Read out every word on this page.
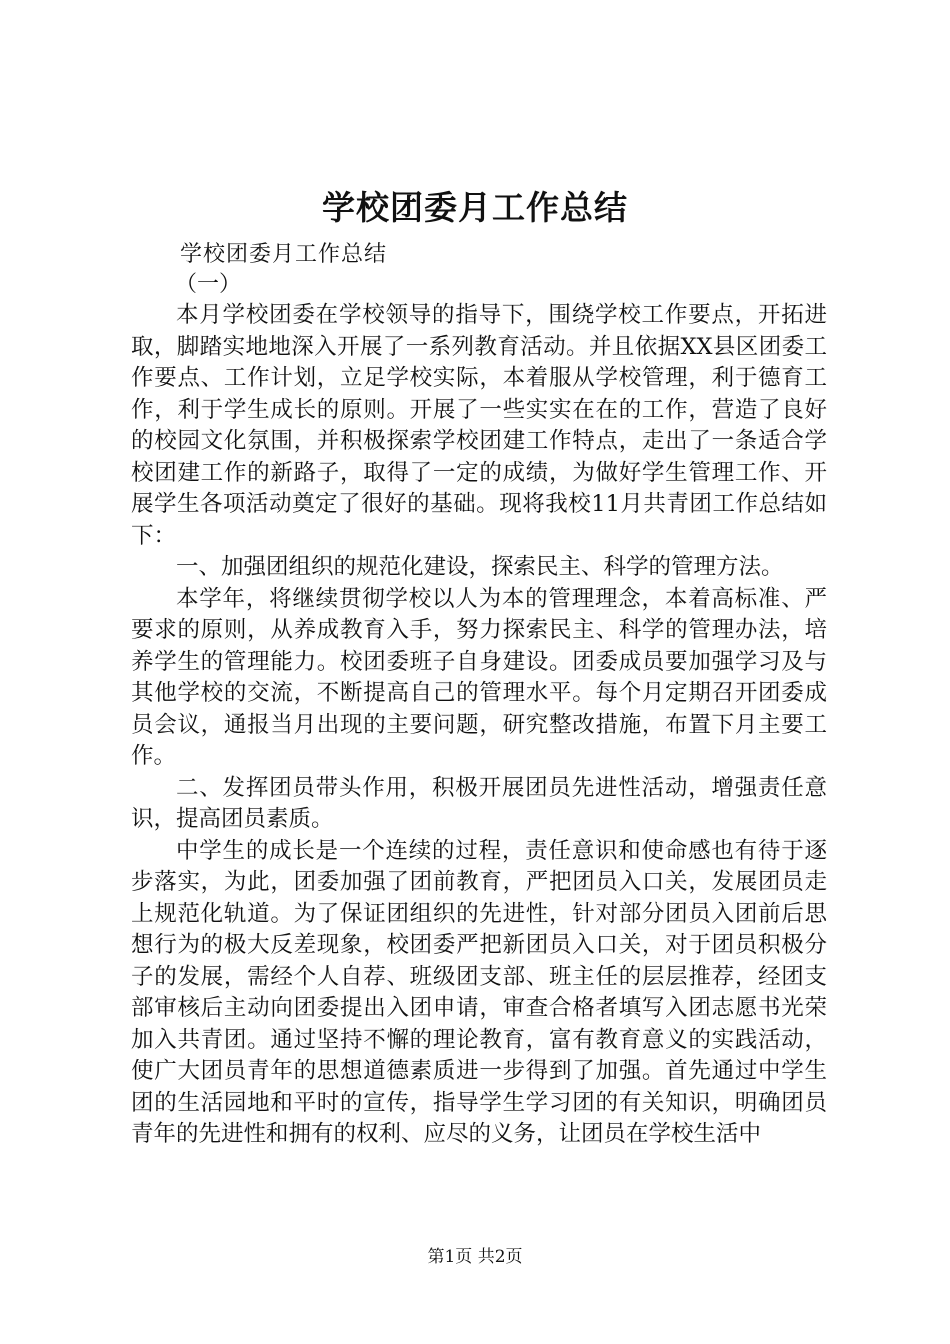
学校团委月工作总结
学校团委月工作总结
（一）

本月学校团委在学校领导的指导下，围绕学校工作要点，开拓进取，脚踏实地地深入开展了一系列教育活动。并且依据XX县区团委工作要点、工作计划，立足学校实际，本着服从学校管理，利于德育工作，利于学生成长的原则。开展了一些实实在在的工作，营造了良好的校园文化氛围，并积极探索学校团建工作特点，走出了一条适合学校团建工作的新路子，取得了一定的成绩，为做好学生管理工作、开展学生各项活动奠定了很好的基础。现将我校11月共青团工作总结如下：

一、加强团组织的规范化建设，探索民主、科学的管理方法。

本学年，将继续贯彻学校以人为本的管理理念，本着高标准、严要求的原则，从养成教育入手，努力探索民主、科学的管理办法，培养学生的管理能力。校团委班子自身建设。团委成员要加强学习及与其他学校的交流，不断提高自己的管理水平。每个月定期召开团委成员会议，通报当月出现的主要问题，研究整改措施，布置下月主要工作。

二、发挥团员带头作用，积极开展团员先进性活动，增强责任意识，提高团员素质。

中学生的成长是一个连续的过程，责任意识和使命感也有待于逐步落实，为此，团委加强了团前教育，严把团员入口关，发展团员走上规范化轨道。为了保证团组织的先进性，针对部分团员入团前后思想行为的极大反差现象，校团委严把新团员入口关，对于团员积极分子的发展，需经个人自荐、班级团支部、班主任的层层推荐，经团支部审核后主动向团委提出入团申请，审查合格者填写入团志愿书光荣加入共青团。通过坚持不懈的理论教育，富有教育意义的实践活动，使广大团员青年的思想道德素质进一步得到了加强。首先通过中学生团的生活园地和平时的宣传，指导学生学习团的有关知识，明确团员青年的先进性和拥有的权利、应尽的义务，让团员在学校生活中

第1页 共2页
